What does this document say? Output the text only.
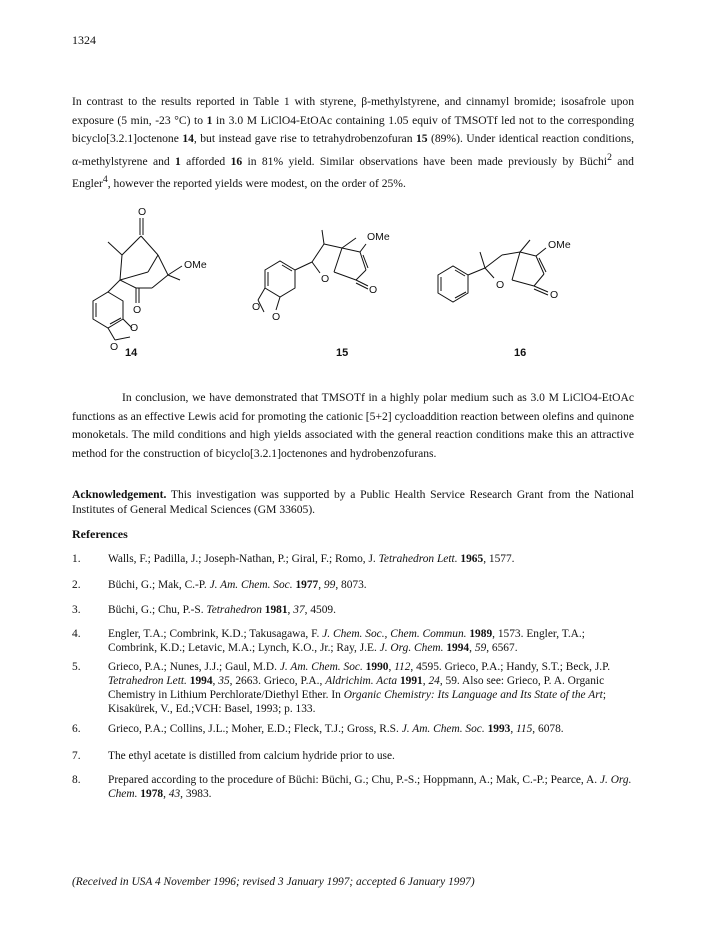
1324
In contrast to the results reported in Table 1 with styrene, β-methylstyrene, and cinnamyl bromide; isosafrole upon exposure (5 min, -23 °C) to 1 in 3.0 M LiClO4-EtOAc containing 1.05 equiv of TMSOTf led not to the corresponding bicyclo[3.2.1]octenone 14, but instead gave rise to tetrahydrobenzofuran 15 (89%). Under identical reaction conditions, α-methylstyrene and 1 afforded 16 in 81% yield. Similar observations have been made previously by Büchi$^2$ and Engler$^4$, however the reported yields were modest, on the order of 25%.
O
OMe
O
O
O
OMe
O
O
O
O
OMe
O
O
14	15	16
In conclusion, we have demonstrated that TMSOTf in a highly polar medium such as 3.0 M LiClO4-EtOAc functions as an effective Lewis acid for promoting the cationic [5+2] cycloaddition reaction between olefins and quinone monoketals. The mild conditions and high yields associated with the general reaction conditions make this an attractive method for the construction of bicyclo[3.2.1]octenones and hydrobenzofurans.
Acknowledgement. This investigation was supported by a Public Health Service Research Grant from the National Institutes of General Medical Sciences (GM 33605).
References
1. Walls, F.; Padilla, J.; Joseph-Nathan, P.; Giral, F.; Romo, J. Tetrahedron Lett. 1965, 1577.
2. Büchi, G.; Mak, C.-P. J. Am. Chem. Soc. 1977, 99, 8073.
3. Büchi, G.; Chu, P.-S. Tetrahedron 1981, 37, 4509.
4. Engler, T.A.; Combrink, K.D.; Takusagawa, F. J. Chem. Soc., Chem. Commun. 1989, 1573. Engler, T.A.; Combrink, K.D.; Letavic, M.A.; Lynch, K.O., Jr.; Ray, J.E. J. Org. Chem. 1994, 59, 6567.
5. Grieco, P.A.; Nunes, J.J.; Gaul, M.D. J. Am. Chem. Soc. 1990, 112, 4595. Grieco, P.A.; Handy, S.T.; Beck, J.P. Tetrahedron Lett. 1994, 35, 2663. Grieco, P.A., Aldrichim. Acta 1991, 24, 59. Also see: Grieco, P. A. Organic Chemistry in Lithium Perchlorate/Diethyl Ether. In Organic Chemistry: Its Language and Its State of the Art; Kisakürek, V., Ed.;VCH: Basel, 1993; p. 133.
6. Grieco, P.A.; Collins, J.L.; Moher, E.D.; Fleck, T.J.; Gross, R.S. J. Am. Chem. Soc. 1993, 115, 6078.
7. The ethyl acetate is distilled from calcium hydride prior to use.
8. Prepared according to the procedure of Büchi: Büchi, G.; Chu, P.-S.; Hoppmann, A.; Mak, C.-P.; Pearce, A. J. Org. Chem. 1978, 43, 3983.
(Received in USA 4 November 1996; revised 3 January 1997; accepted 6 January 1997)
